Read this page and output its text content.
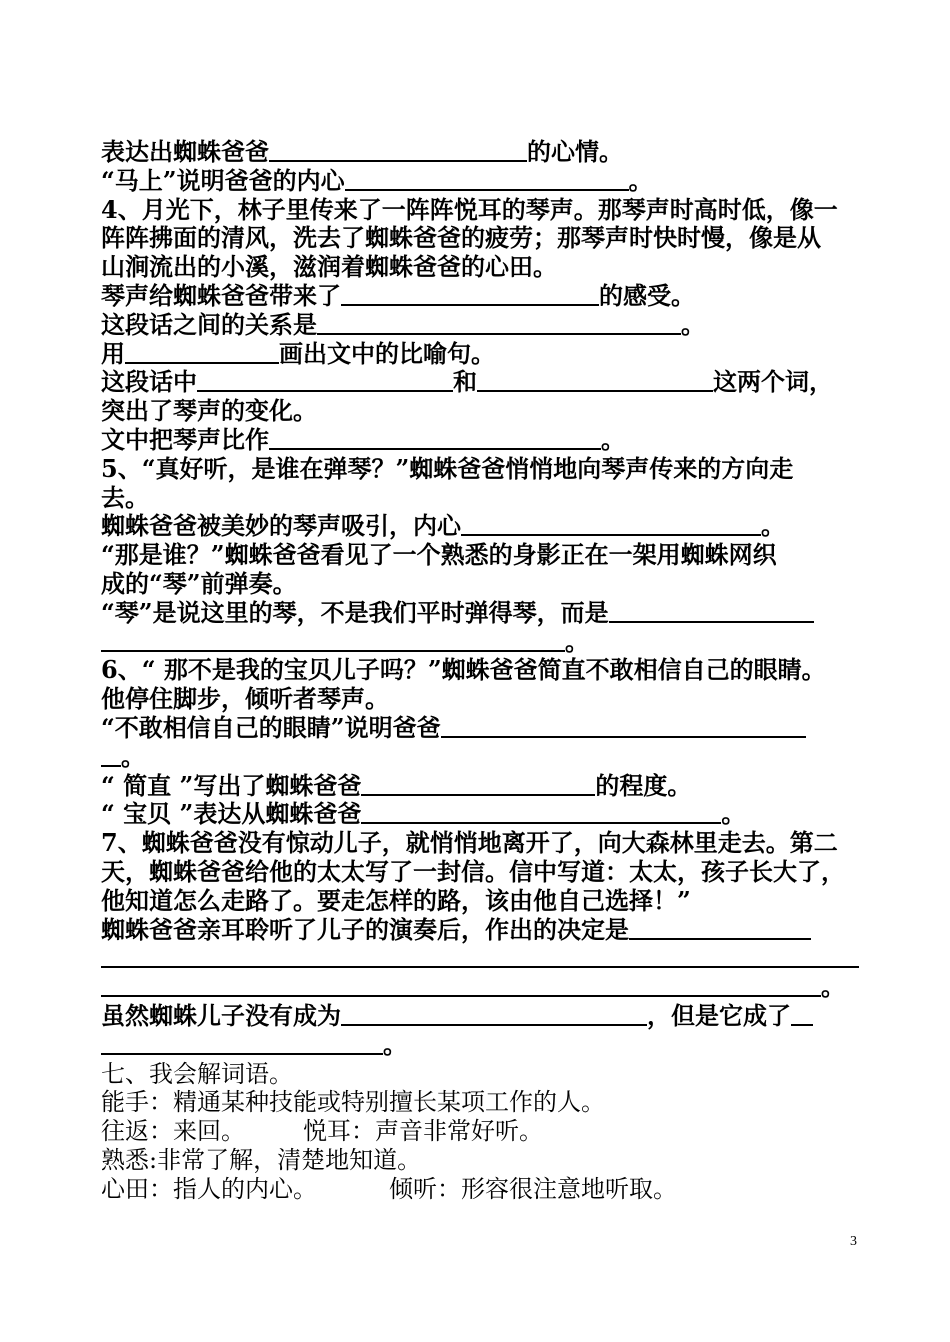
表达出蜘蛛爸爸	的心情。
“马上”说明爸爸的内心	。
4、月光下，林子里传来了一阵阵悦耳的琴声。那琴声时高时低，像一
阵阵拂面的清风，洗去了蜘蛛爸爸的疲劳；那琴声时快时慢，像是从
山涧流出的小溪，滋润着蜘蛛爸爸的心田。
琴声给蜘蛛爸爸带来了	的感受。
这段话之间的关系是	。
用	画出文中的比喻句。
这段话中	和	这两个词，
突出了琴声的变化。
文中把琴声比作	。
5、“真好听，是谁在弹琴？”蜘蛛爸爸悄悄地向琴声传来的方向走
去。
蜘蛛爸爸被美妙的琴声吸引，内心	。
“那是谁？”蜘蛛爸爸看见了一个熟悉的身影正在一架用蜘蛛网织
成的“琴”前弹奏。
“琴”是说这里的琴，不是我们平时弹得琴，而是
。
6、“ 那不是我的宝贝儿子吗？”蜘蛛爸爸简直不敢相信自己的眼睛。
他停住脚步，倾听者琴声。
“不敢相信自己的眼睛”说明爸爸
。
“ 简直 ”写出了蜘蛛爸爸	的程度。
“ 宝贝 ”表达从蜘蛛爸爸	。
7、蜘蛛爸爸没有惊动儿子，就悄悄地离开了，向大森林里走去。第二
天，蜘蛛爸爸给他的太太写了一封信。信中写道：太太，孩子长大了，
他知道怎么走路了。要走怎样的路，该由他自己选择！”
蜘蛛爸爸亲耳聆听了儿子的演奏后，作出的决定是
。
虽然蜘蛛儿子没有成为	，但是它成了
。
七、我会解词语。
能手：精通某种技能或特别擅长某项工作的人。
往返：来回。 悦耳：声音非常好听。
熟悉:非常了解，清楚地知道。
心田：指人的内心。	倾听：形容很注意地听取。
3
